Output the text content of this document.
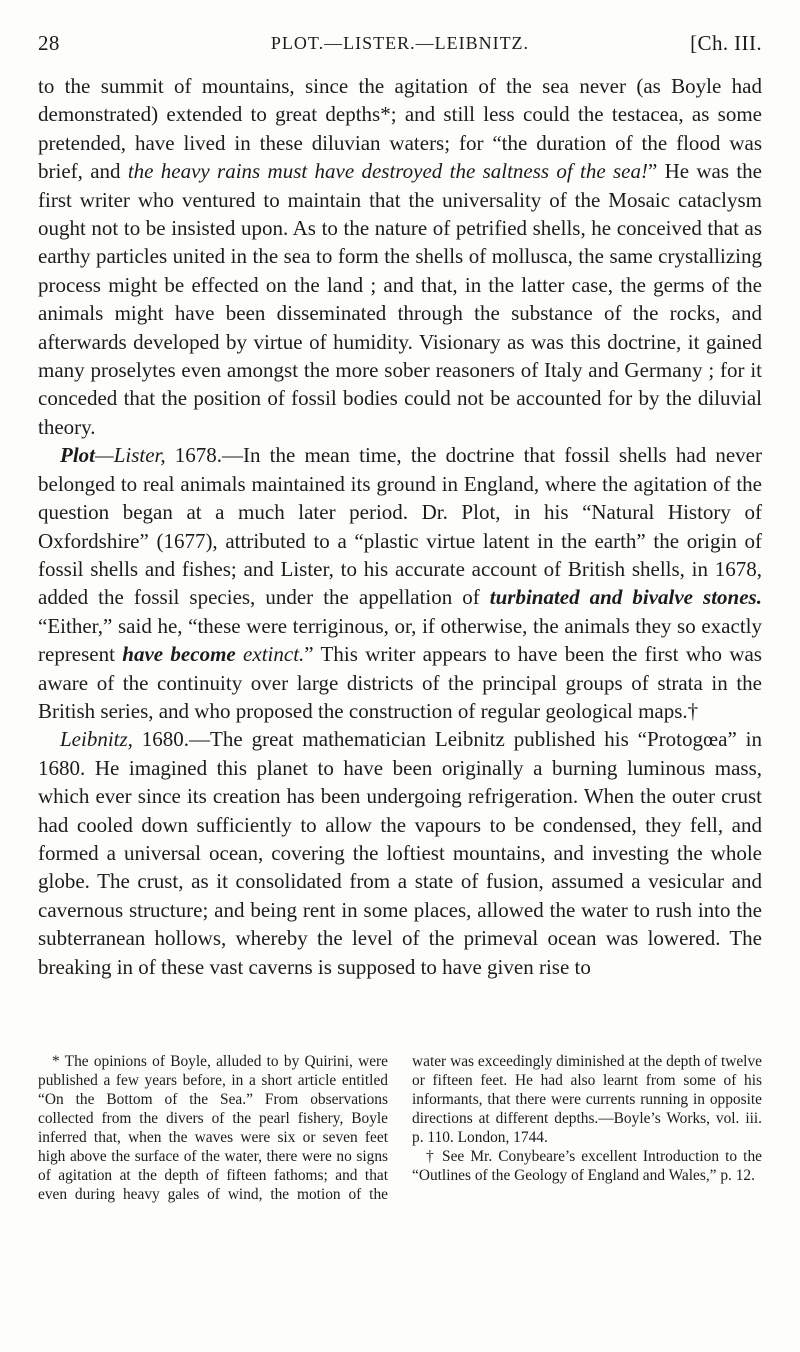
28	PLOT.—LISTER.—LEIBNITZ.	[Ch. III.

to the summit of mountains, since the agitation of the sea never (as Boyle had demonstrated) extended to great depths*; and still less could the testacea, as some pretended, have lived in these diluvian waters; for “the duration of the flood was brief, and the heavy rains must have destroyed the saltness of the sea!” He was the first writer who ventured to maintain that the universality of the Mosaic cataclysm ought not to be insisted upon. As to the nature of petrified shells, he conceived that as earthy particles united in the sea to form the shells of mollusca, the same crystallizing process might be effected on the land ; and that, in the latter case, the germs of the animals might have been disseminated through the substance of the rocks, and afterwards developed by virtue of humidity. Visionary as was this doctrine, it gained many proselytes even amongst the more sober reasoners of Italy and Germany ; for it conceded that the position of fossil bodies could not be accounted for by the diluvial theory.

Plot—Lister, 1678.—In the mean time, the doctrine that fossil shells had never belonged to real animals maintained its ground in England, where the agitation of the question began at a much later period. Dr. Plot, in his “Natural History of Oxfordshire” (1677), attributed to a “plastic virtue latent in the earth” the origin of fossil shells and fishes; and Lister, to his accurate account of British shells, in 1678, added the fossil species, under the appellation of turbinated and bivalve stones. “Either,” said he, “these were terriginous, or, if otherwise, the animals they so exactly represent have become extinct.” This writer appears to have been the first who was aware of the continuity over large districts of the principal groups of strata in the British series, and who proposed the construction of regular geological maps.†

Leibnitz, 1680.—The great mathematician Leibnitz published his “Protogœa” in 1680. He imagined this planet to have been originally a burning luminous mass, which ever since its creation has been undergoing refrigeration. When the outer crust had cooled down sufficiently to allow the vapours to be condensed, they fell, and formed a universal ocean, covering the loftiest mountains, and investing the whole globe. The crust, as it consolidated from a state of fusion, assumed a vesicular and cavernous structure; and being rent in some places, allowed the water to rush into the subterranean hollows, whereby the level of the primeval ocean was lowered. The breaking in of these vast caverns is supposed to have given rise to

* The opinions of Boyle, alluded to by Quirini, were published a few years before, in a short article entitled “On the Bottom of the Sea.” From observations collected from the divers of the pearl fishery, Boyle inferred that, when the waves were six or seven feet high above the surface of the water, there were no signs of agitation at the depth of fifteen fathoms; and that even during heavy gales of wind, the motion of the water was exceedingly diminished at the depth of twelve or fifteen feet. He had also learnt from some of his informants, that there were currents running in opposite directions at different depths.—Boyle’s Works, vol. iii. p. 110. London, 1744.

† See Mr. Conybeare’s excellent Introduction to the “Outlines of the Geology of England and Wales,” p. 12.
